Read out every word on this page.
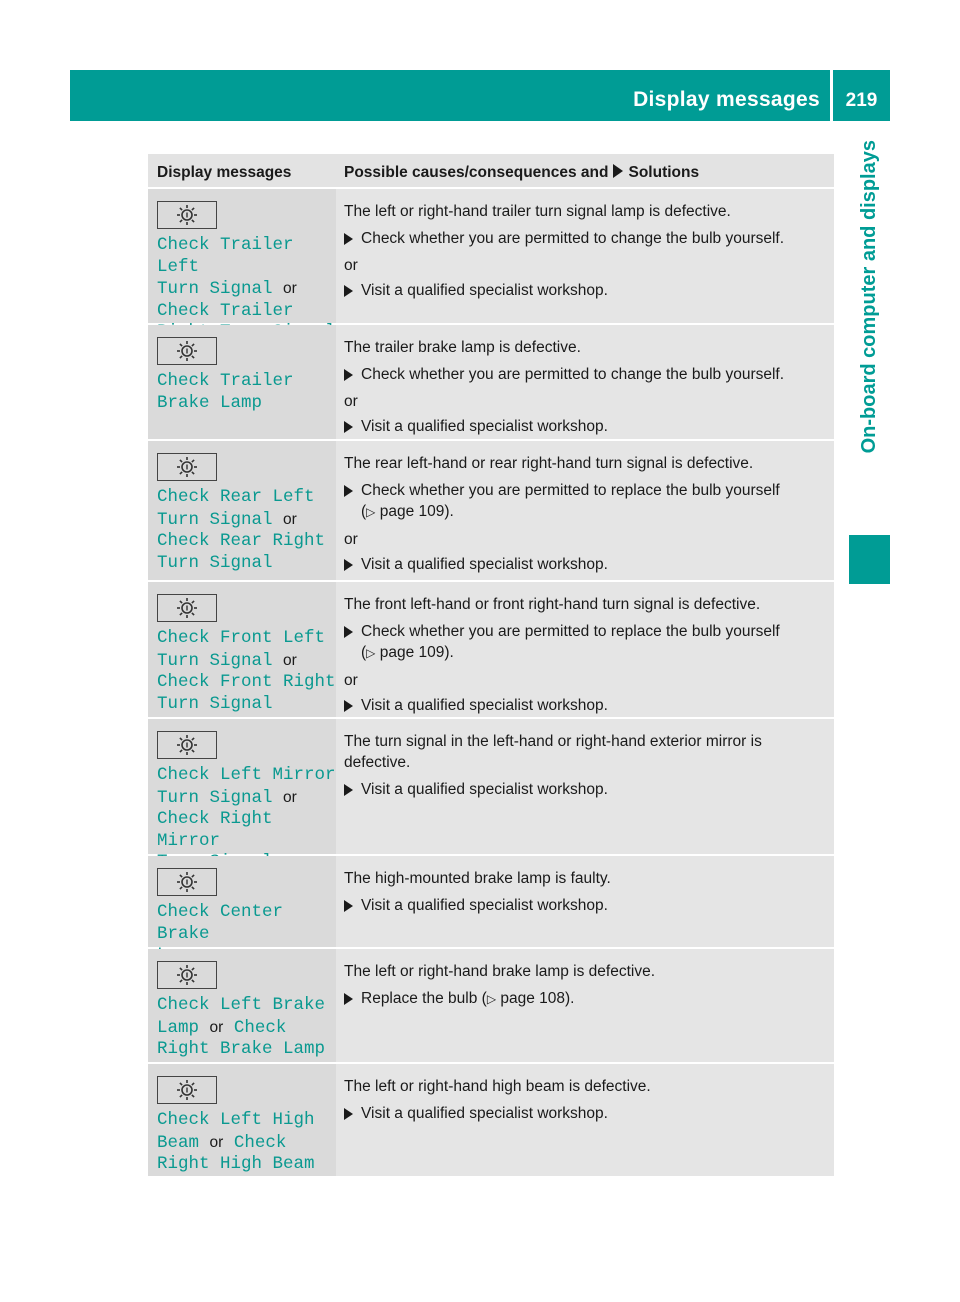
Display messages	219
On-board computer and displays
Display messages	Possible causes/consequences and Solutions
Check Trailer Left
Turn Signal or
Check Trailer

The left or right-hand trailer turn signal lamp is defective.
Check whether you are permitted to change the bulb yourself.
or
Visit a qualified specialist workshop.
Check Trailer
Brake Lamp
The trailer brake lamp is defective.
Check whether you are permitted to change the bulb yourself.
or
Visit a qualified specialist workshop.
Check Rear Left
Turn Signal or
Check Rear Right
Turn Signal
The rear left-hand or rear right-hand turn signal is defective.
Check whether you are permitted to replace the bulb yourself
(▷ page 109).
or
Visit a qualified specialist workshop.
Check Front Left
Turn Signal or
Check Front Right
Turn Signal
The front left-hand or front right-hand turn signal is defective.
Check whether you are permitted to replace the bulb yourself
(▷ page 109).
or
Visit a qualified specialist workshop.
Check Left Mirror
Turn Signal or
Check Right Mirror

The turn signal in the left-hand or right-hand exterior mirror is defective.
Visit a qualified specialist workshop.
Check Center Brake

The high-mounted brake lamp is faulty.
Visit a qualified specialist workshop.
Check Left Brake
Lamp or Check
Right Brake Lamp
The left or right-hand brake lamp is defective.
Replace the bulb (▷ page 108).
Check Left High
Beam or Check
Right High Beam
The left or right-hand high beam is defective.
Visit a qualified specialist workshop.
